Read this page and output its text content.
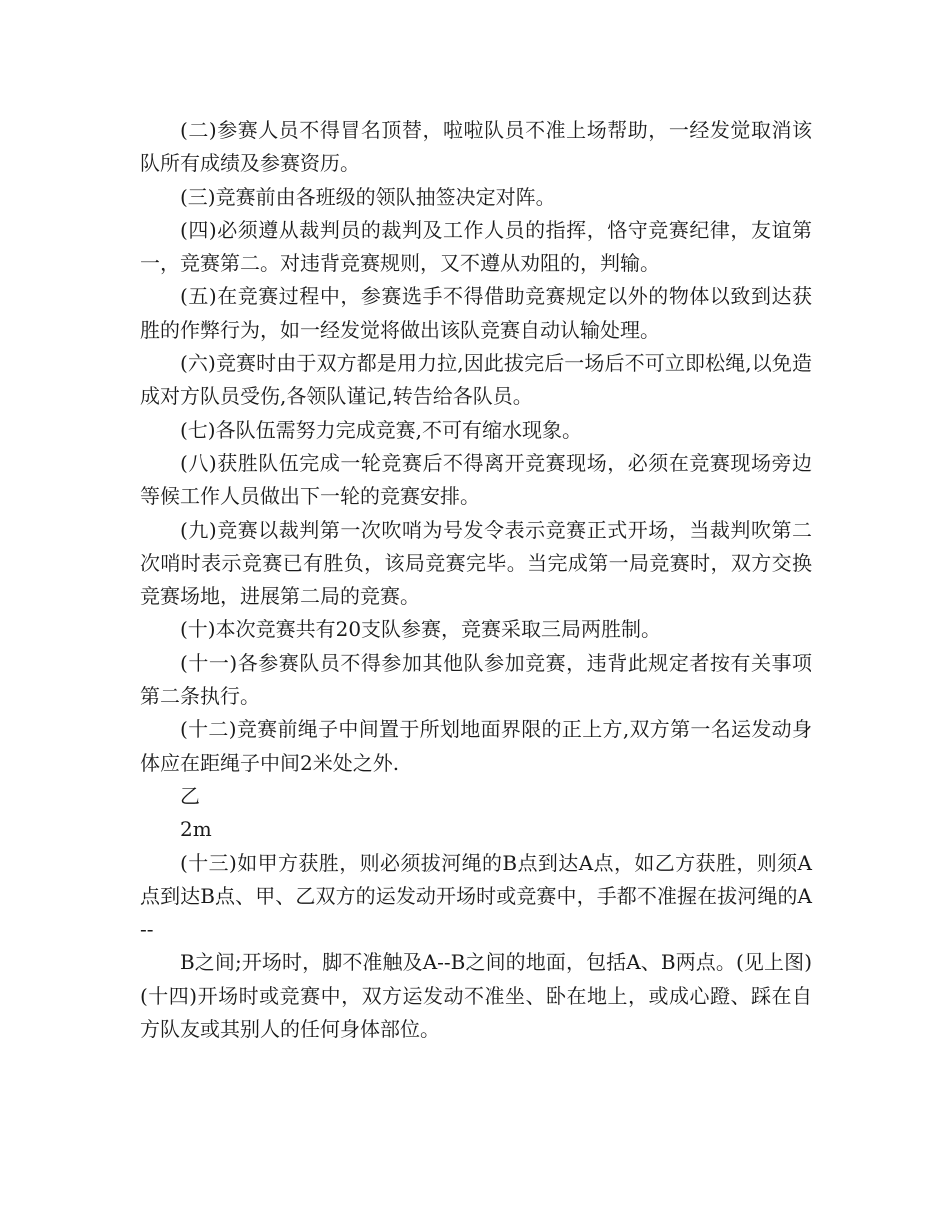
(二)参赛人员不得冒名顶替，啦啦队员不准上场帮助，一经发觉取消该队所有成绩及参赛资历。

(三)竞赛前由各班级的领队抽签决定对阵。

(四)必须遵从裁判员的裁判及工作人员的指挥，恪守竞赛纪律，友谊第一，竞赛第二。对违背竞赛规则，又不遵从劝阻的，判输。

(五)在竞赛过程中，参赛选手不得借助竞赛规定以外的物体以致到达获胜的作弊行为，如一经发觉将做出该队竞赛自动认输处理。

(六)竞赛时由于双方都是用力拉,因此拔完后一场后不可立即松绳,以免造成对方队员受伤,各领队谨记,转告给各队员。

(七)各队伍需努力完成竞赛,不可有缩水现象。

(八)获胜队伍完成一轮竞赛后不得离开竞赛现场，必须在竞赛现场旁边等候工作人员做出下一轮的竞赛安排。

(九)竞赛以裁判第一次吹哨为号发令表示竞赛正式开场，当裁判吹第二次哨时表示竞赛已有胜负，该局竞赛完毕。当完成第一局竞赛时，双方交换竞赛场地，进展第二局的竞赛。

(十)本次竞赛共有20支队参赛，竞赛采取三局两胜制。

(十一)各参赛队员不得参加其他队参加竞赛，违背此规定者按有关事项第二条执行。

(十二)竞赛前绳子中间置于所划地面界限的正上方,双方第一名运发动身体应在距绳子中间2米处之外.

乙

2m

(十三)如甲方获胜，则必须拔河绳的B点到达A点，如乙方获胜，则须A点到达B点、甲、乙双方的运发动开场时或竞赛中，手都不准握在拔河绳的A--

B之间;开场时，脚不准触及A--B之间的地面，包括A、B两点。(见上图)(十四)开场时或竞赛中，双方运发动不准坐、卧在地上，或成心蹬、踩在自方队友或其别人的任何身体部位。
